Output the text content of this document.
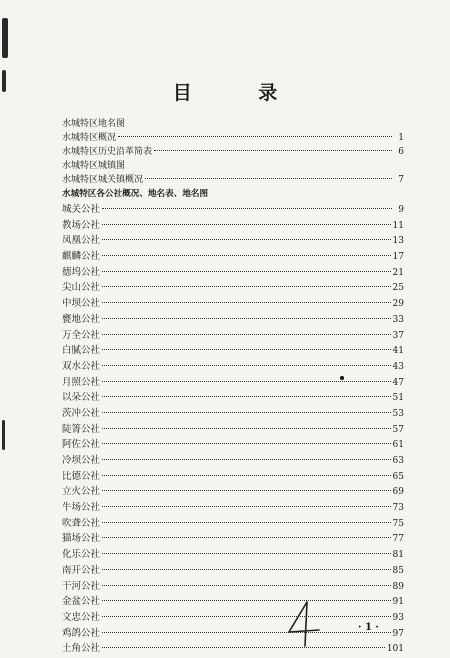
目 录
水城特区地名图
水城特区概况	1
水城特区历史沿革简表	6
水城特区城镇图
水城特区城关镇概况	7
水城特区各公社概况、地名表、地名图
城关公社	9
教场公社	11
凤凰公社	13
麒麟公社	17
德坞公社	21
尖山公社	25
中坝公社	29
甕地公社	33
万全公社	37
白腻公社	41
双水公社	43
月照公社	47
以朵公社	51
茨冲公社	53
陡箐公社	57
阿佐公社	61
冷坝公社	63
比德公社	65
立火公社	69
牛场公社	73
吹聋公社	75
猫场公社	77
化乐公社	81
南开公社	85
干河公社	89
金盆公社	91
文忠公社	93
鸡鸽公社	97
土角公社	101
· 1 ·
